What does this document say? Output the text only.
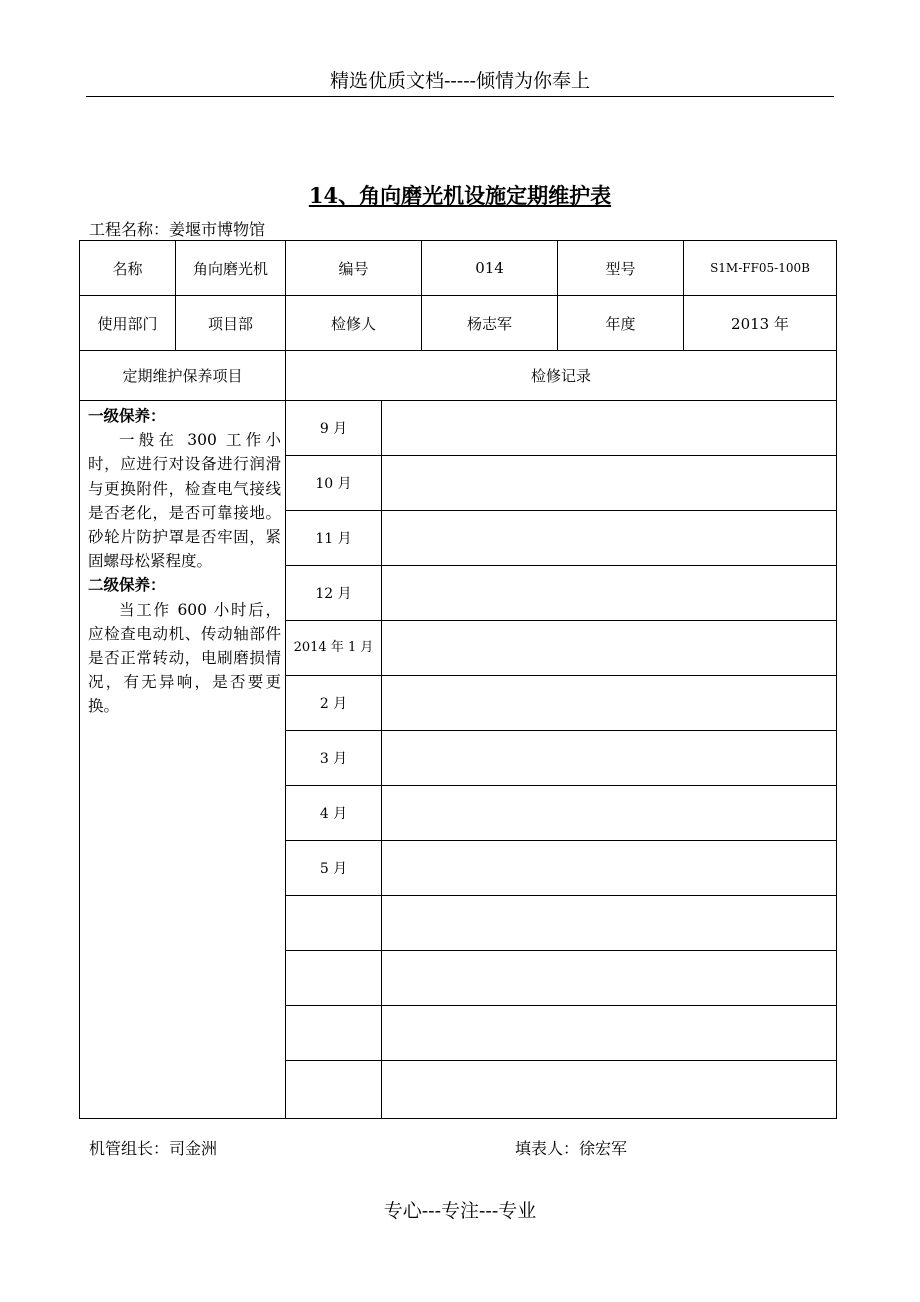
精选优质文档-----倾情为你奉上
14、角向磨光机设施定期维护表
工程名称：姜堰市博物馆
名称	角向磨光机	编号		014	型号	S1M-FF05-100B
使用部门	项目部	检修人		杨志军	年度	2013 年
定期维护保养项目		检修记录				

一级保养：
一般在 300 工作小时，应进行对设备进行润滑与更换附件，检查电气接线是否老化，是否可靠接地。砂轮片防护罩是否牢固，紧固螺母松紧程度。
二级保养：
当工作 600 小时后，应检查电动机、传动轴部件是否正常转动，电刷磨损情况，有无异响，是否要更换。		9 月				
		10 月				
		11 月				
		12 月				
		2014 年 1 月				
		2 月				
		3 月				
		4 月				
		5 月				

机管组长：司金洲	填表人：徐宏军
专心---专注---专业
